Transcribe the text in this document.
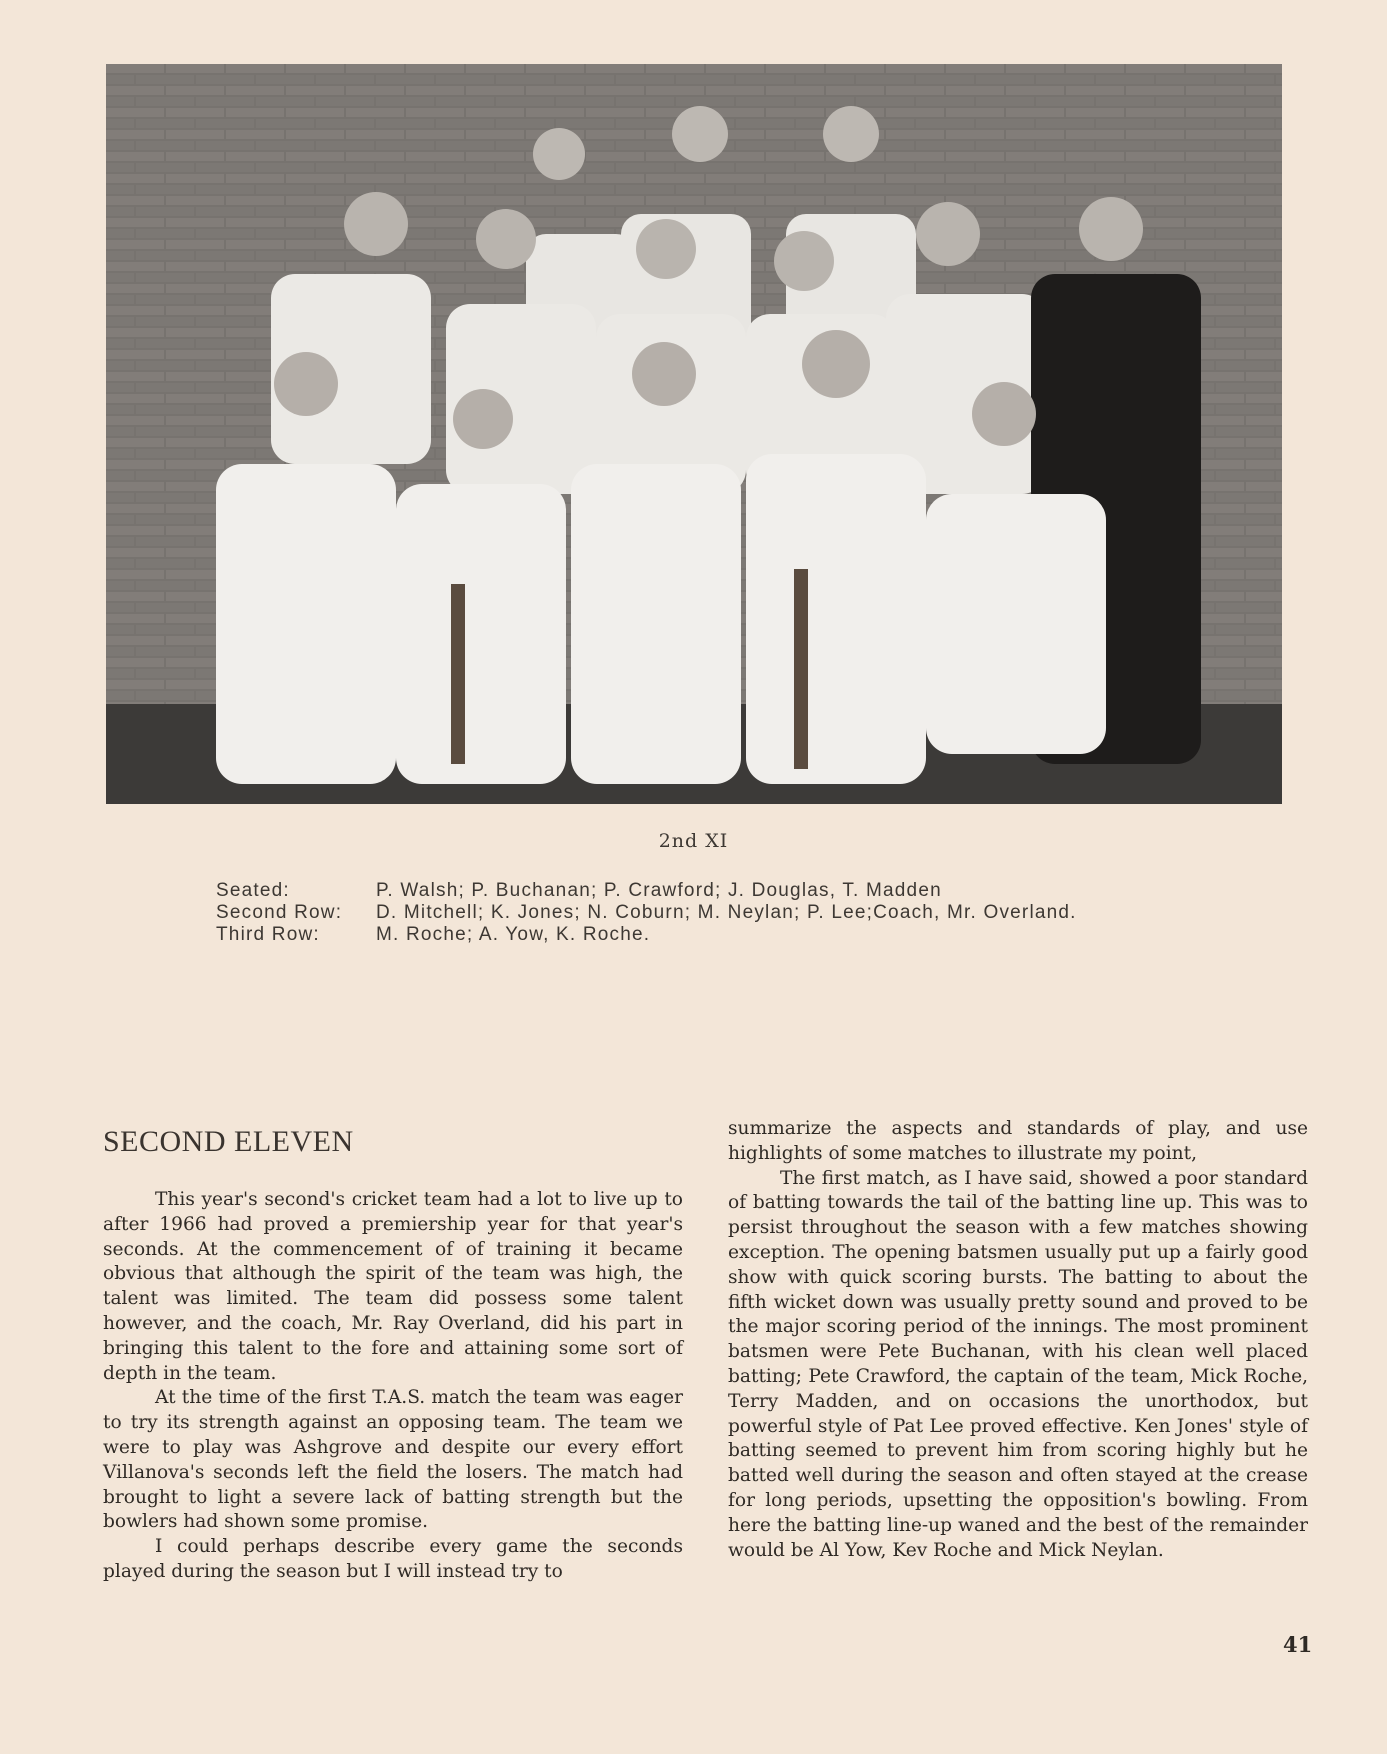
2nd XI
Seated:	P. Walsh; P. Buchanan; P. Crawford; J. Douglas, T. Madden
Second Row:	D. Mitchell; K. Jones; N. Coburn; M. Neylan; P. Lee;Coach, Mr. Overland.
Third Row:	M. Roche; A. Yow, K. Roche.
SECOND ELEVEN

This year's second's cricket team had a lot to live up to after 1966 had proved a premiership year for that year's seconds. At the commencement of of training it became obvious that although the spirit of the team was high, the talent was limited. The team did possess some talent however, and the coach, Mr. Ray Overland, did his part in bringing this talent to the fore and attaining some sort of depth in the team.

At the time of the first T.A.S. match the team was eager to try its strength against an opposing team. The team we were to play was Ashgrove and despite our every effort Villanova's seconds left the field the losers. The match had brought to light a severe lack of batting strength but the bowlers had shown some promise.

I could perhaps describe every game the seconds played during the season but I will instead try to

summarize the aspects and standards of play, and use highlights of some matches to illustrate my point,

The first match, as I have said, showed a poor standard of batting towards the tail of the batting line up. This was to persist throughout the season with a few matches showing exception. The opening batsmen usually put up a fairly good show with quick scoring bursts. The batting to about the fifth wicket down was usually pretty sound and proved to be the major scoring period of the innings. The most prominent batsmen were Pete Buchanan, with his clean well placed batting; Pete Crawford, the captain of the team, Mick Roche, Terry Madden, and on occasions the unorthodox, but powerful style of Pat Lee proved effective. Ken Jones' style of batting seemed to prevent him from scoring highly but he batted well during the season and often stayed at the crease for long periods, upsetting the opposition's bowling. From here the batting line-up waned and the best of the remainder would be Al Yow, Kev Roche and Mick Neylan.

41
